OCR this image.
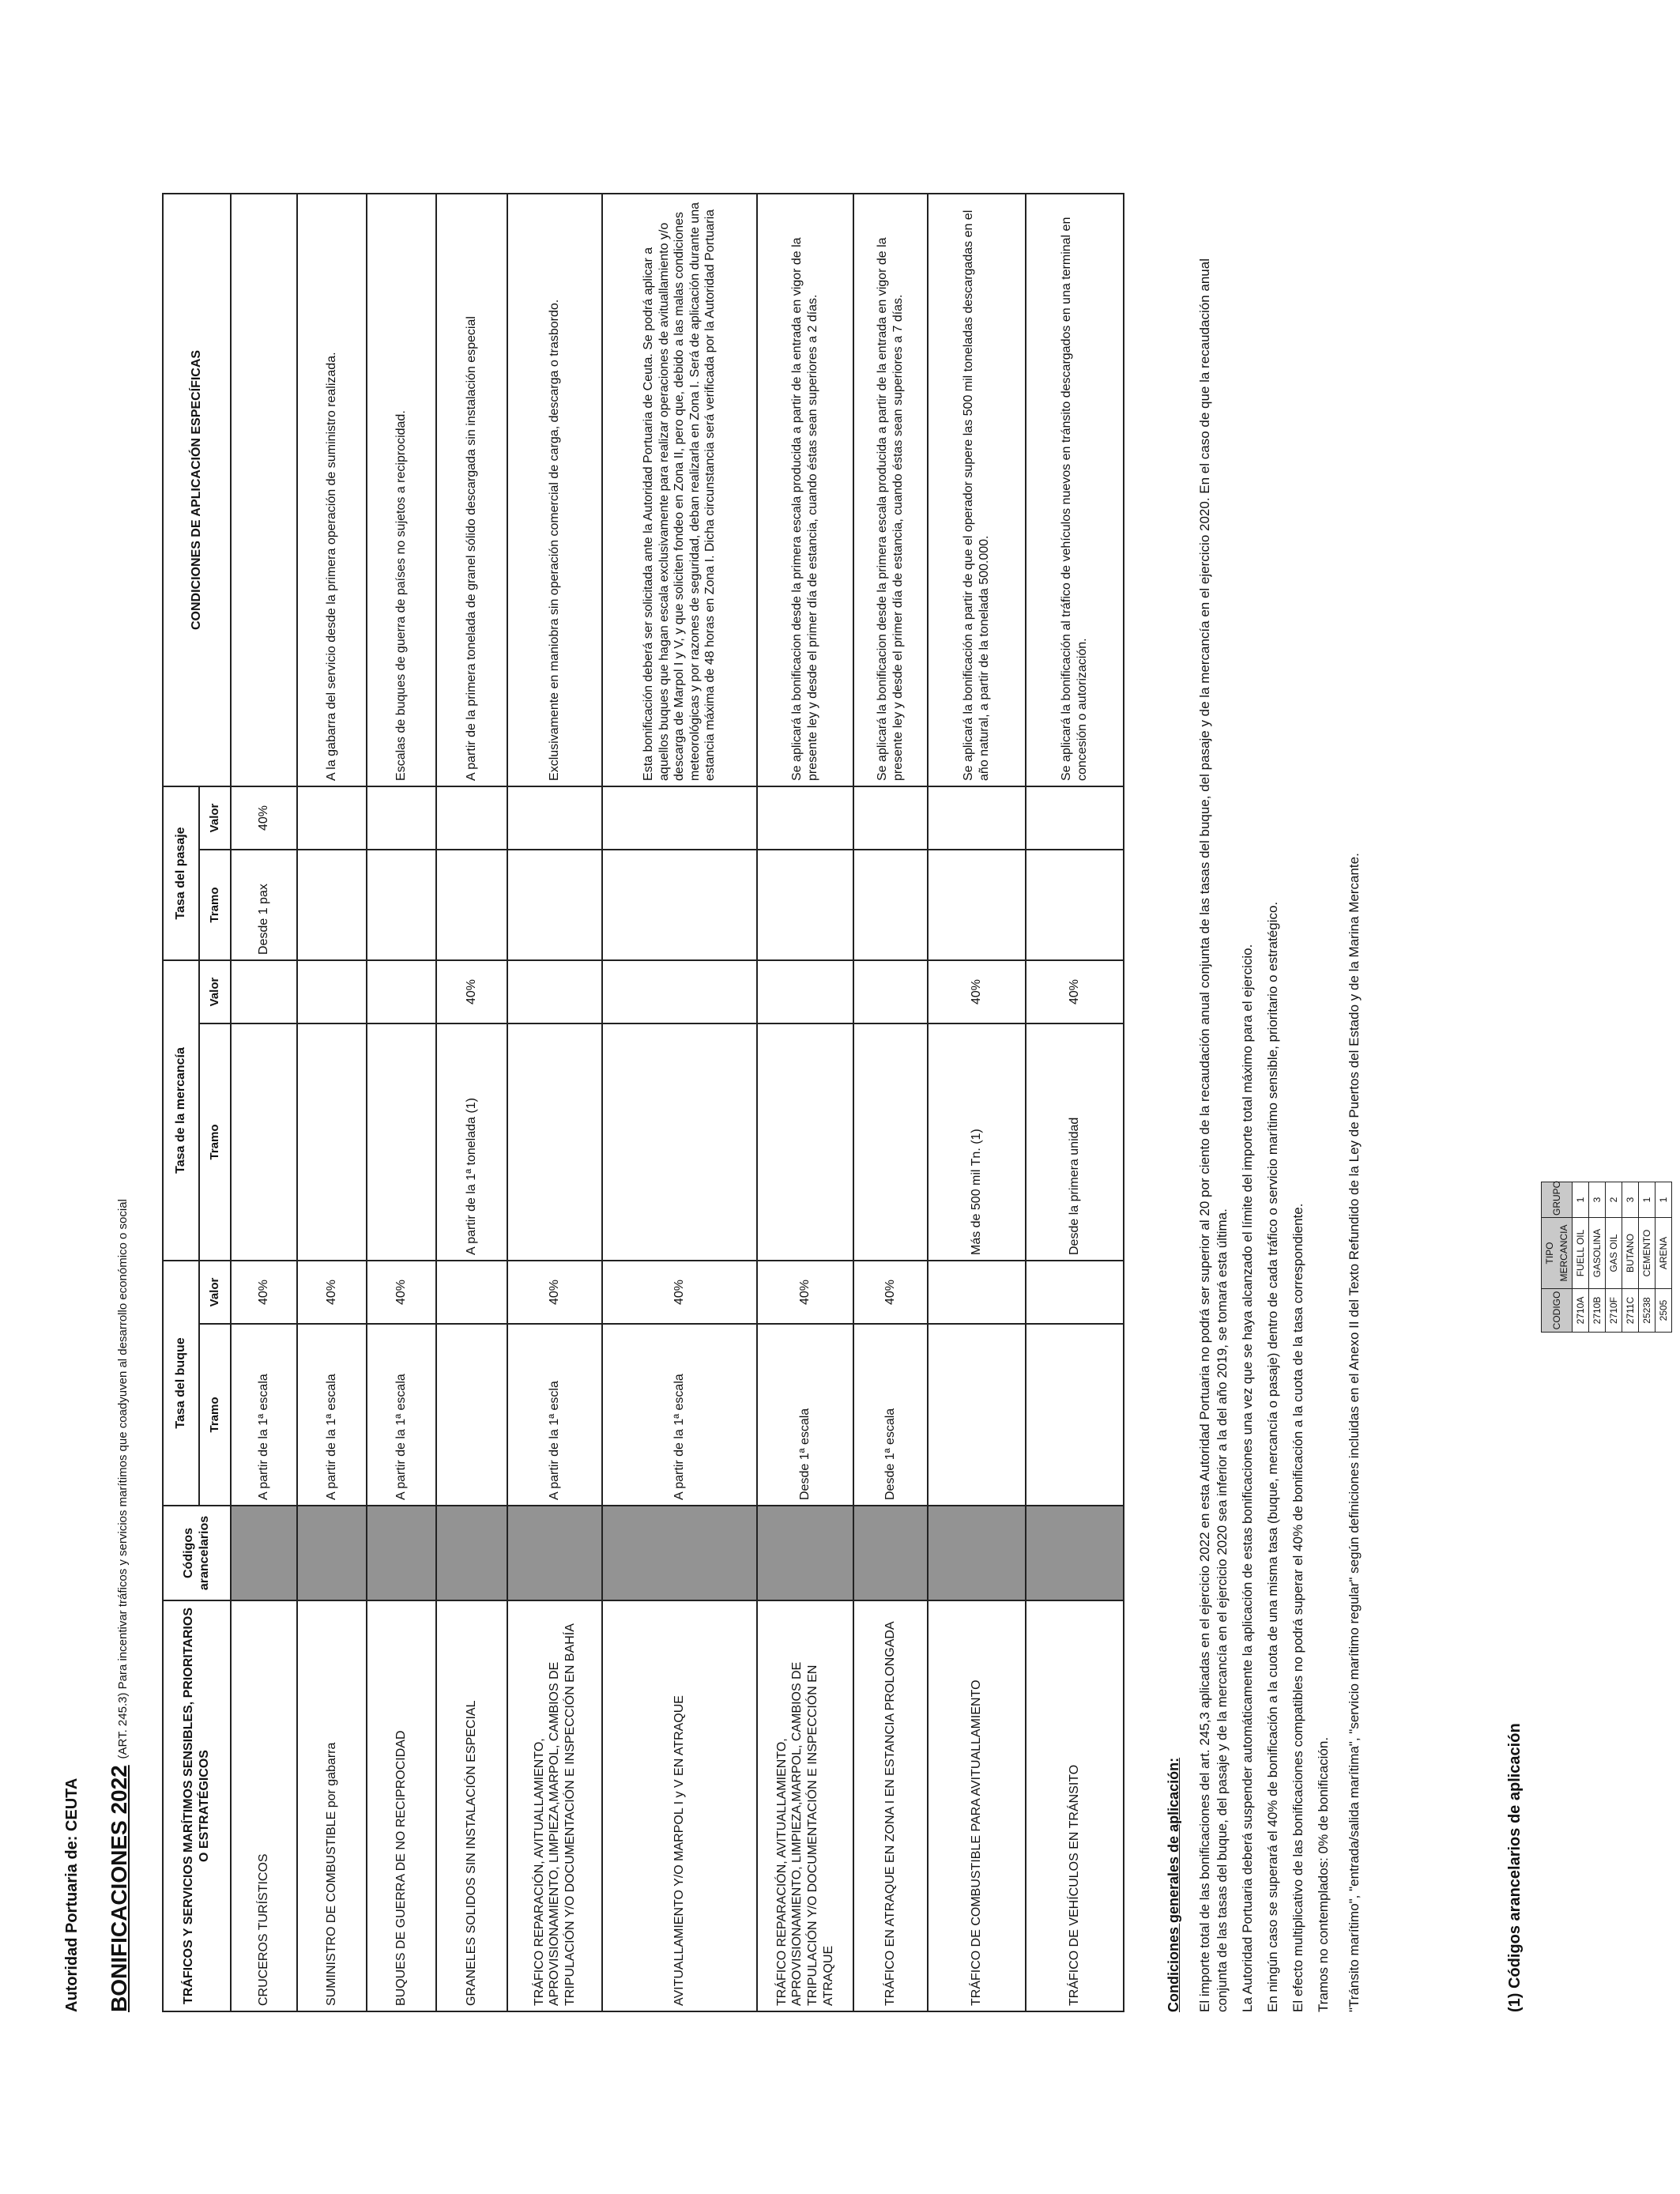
Autoridad Portuaria de: CEUTA BONIFICACIONES 2022 (ART. 245.3) Para incentivar tráficos y servicios marítimos que coadyuven al desarrollo económico o social
TRÁFICOS Y SERVICIOS MARÍTIMOS SENSIBLES, PRIORITARIOS O ESTRATÉGICOS	Códigos arancelarios	Tasa del buque		Tasa de la mercancía		Tasa del pasaje		CONDICIONES DE APLICACIÓN ESPECÍFICAS
		Tramo	Valor	Tramo	Valor	Tramo	Valor	
CRUCEROS TURÍSTICOS		A partir de la 1ª escala	40%			Desde 1 pax	40%	
SUMINISTRO DE COMBUSTIBLE por gabarra		A partir de la 1ª escala	40%					A la gabarra del servicio desde la primera operación de suministro realizada.
BUQUES DE GUERRA DE NO RECIPROCIDAD		A partir de la 1ª escala	40%					Escalas de buques de guerra de países no sujetos a reciprocidad.
GRANELES SOLIDOS SIN INSTALACIÓN ESPECIAL				A partir de la 1ª tonelada (1)	40%			A partir de la primera tonelada de granel sólido descargada sin instalación especial
TRÁFICO REPARACIÓN, AVITUALLAMIENTO, APROVISIONAMIENTO, LIMPIEZA,MARPOL, CAMBIOS DE TRIPULACIÓN Y/O DOCUMENTACIÓN E INSPECCIÓN EN BAHÍA		A partir de la 1ª escla	40%					Exclusivamente en maniobra sin operación comercial de carga, descarga o trasbordo.
AVITUALLAMIENTO Y/O MARPOL I y V EN ATRAQUE		A partir de la 1ª escala	40%					Esta bonificación deberá ser solicitada ante la Autoridad Portuaria de Ceuta. Se podrá aplicar a aquellos buques que hagan escala exclusivamente para realizar operaciones de avituallamiento y/o descarga de Marpol I y V, y que soliciten fondeo en Zona II, pero que, debido a las malas condiciones meteorológicas y por razones de seguridad, deban realizarla en Zona I. Será de aplicación durante una estancia máxima de 48 horas en Zona I. Dicha circunstancia será verificada por la Autoridad Portuaria
TRÁFICO REPARACIÓN, AVITUALLAMIENTO, APROVISIONAMIENTO, LIMPIEZA,MARPOL, CAMBIOS DE TRIPULACIÓN Y/O DOCUMENTACIÓN E INSPECCIÓN EN ATRAQUE		Desde 1ª escala	40%					Se aplicará la bonificacion desde la primera escala producida a partir de la entrada en vigor de la presente ley y desde el primer día de estancia, cuando éstas sean superiores a 2 días.
TRÁFICO EN ATRAQUE EN ZONA I EN ESTANCIA PROLONGADA		Desde 1ª escala	40%					Se aplicará la bonificacion desde la primera escala producida a partir de la entrada en vigor de la presente ley y desde el primer día de estancia, cuando éstas sean superiores a 7 días.
TRÁFICO DE COMBUSTIBLE PARA AVITUALLAMIENTO				Más de 500 mil Tn. (1)	40%			Se aplicará la bonificación a partir de que el operador supere las 500 mil toneladas descargadas en el año natural, a partir de la tonelada 500.000.
TRÁFICO DE VEHÍCULOS EN TRÁNSITO				Desde la primera unidad	40%			Se aplicará la bonificación al tráfico de vehículos nuevos en tránsito descargados en una terminal en concesión o autorización.
Condiciones generales de aplicación: El importe total de las bonificaciones del art. 245,3 aplicadas en el ejercicio 2022 en esta Autoridad Portuaria no podrá ser superior al 20 por ciento de la recaudación anual conjunta de las tasas del buque, del pasaje y de la mercancía en el ejercicio 2020. En el caso de que la recaudación anual conjunta de las tasas del buque, del pasaje y de la mercancía en el ejercicio 2020 sea inferior a la del año 2019, se tomará esta última. La Autoridad Portuaria deberá suspender automáticamente la aplicación de estas bonificaciones una vez que se haya alcanzado el límite del importe total máximo para el ejercicio. En ningún caso se superará el 40% de bonificación a la cuota de una misma tasa (buque, mercancía o pasaje) dentro de cada tráfico o servicio marítimo sensible, prioritario o estratégico. El efecto multiplicativo de las bonificaciones compatibles no podrá superar el 40% de bonificación a la cuota de la tasa correspondiente. Tramos no contemplados: 0% de bonificación. "Tránsito marítimo", "entrada/salida marítima", "servicio marítimo regular" según definiciones incluidas en el Anexo II del Texto Refundido de la Ley de Puertos del Estado y de la Marina Mercante.	(1) Códigos arancelarios de aplicación
CODIGO	TIPO MERCANCIA	GRUPO
2710A	FUELL OIL	1
2710B	GASOLINA	3
2710F	GAS OIL	2
2711C	BUTANO	3
25238	CEMENTO	1
2505	ARENA	1
